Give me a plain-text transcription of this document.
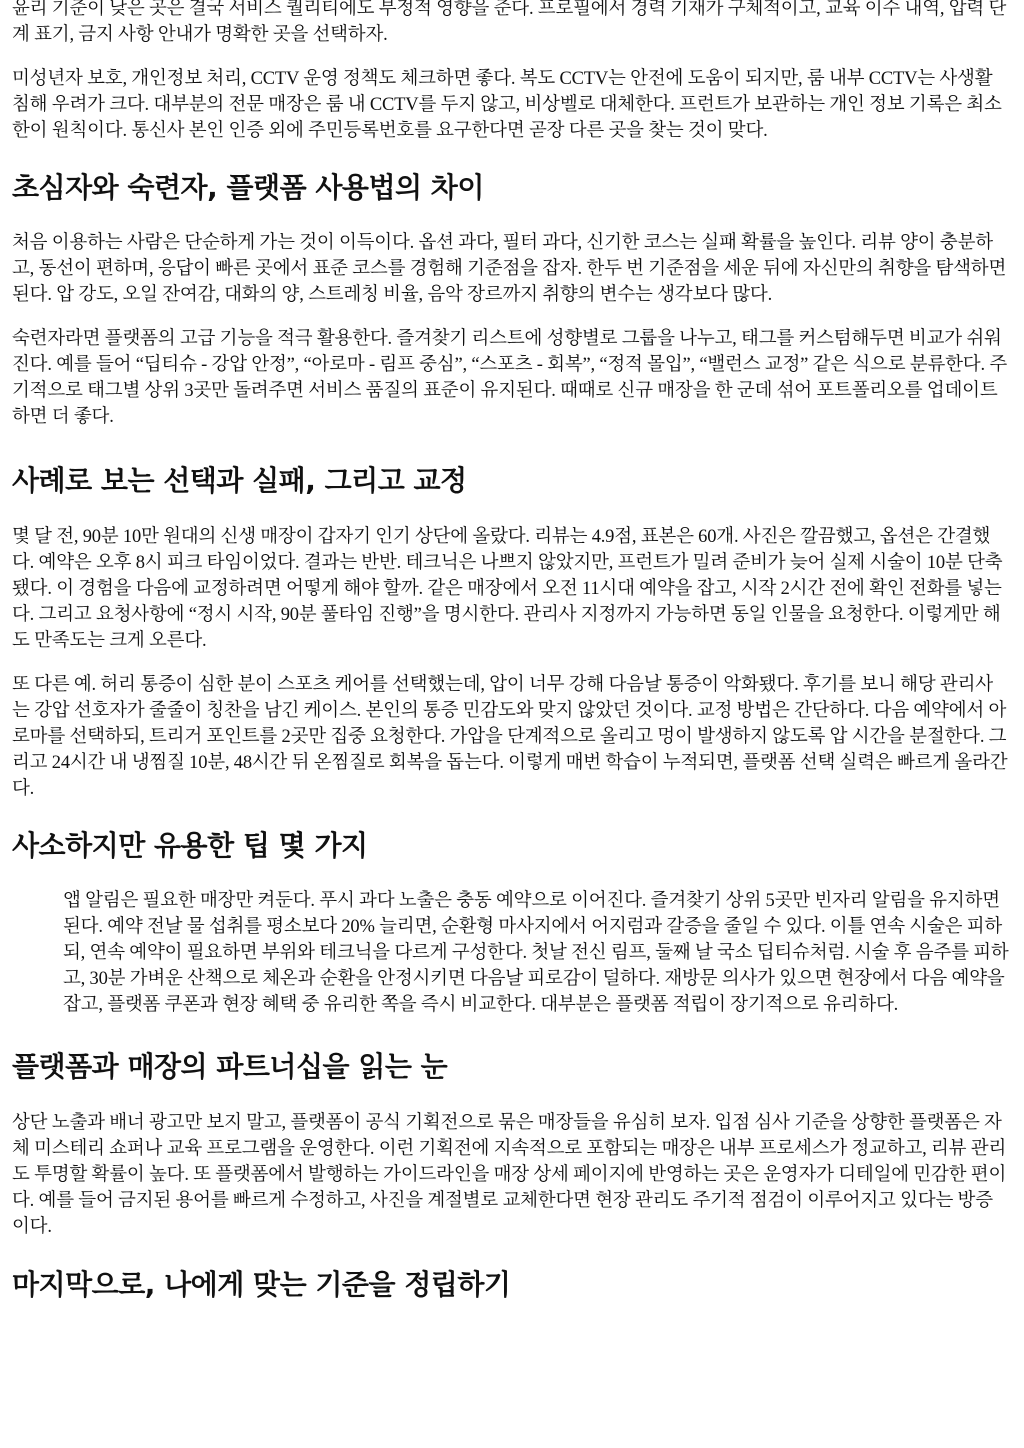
윤리 기준이 낮은 곳은 결국 서비스 퀄리티에도 부정적 영향을 준다. 프로필에서 경력 기재가 구체적이고, 교육 이수 내역, 압력 단계 표기, 금지 사항 안내가 명확한 곳을 선택하자.

미성년자 보호, 개인정보 처리, CCTV 운영 정책도 체크하면 좋다. 복도 CCTV는 안전에 도움이 되지만, 룸 내부 CCTV는 사생활 침해 우려가 크다. 대부분의 전문 매장은 룸 내 CCTV를 두지 않고, 비상벨로 대체한다. 프런트가 보관하는 개인 정보 기록은 최소한이 원칙이다. 통신사 본인 인증 외에 주민등록번호를 요구한다면 곧장 다른 곳을 찾는 것이 맞다.

초심자와 숙련자, 플랫폼 사용법의 차이

처음 이용하는 사람은 단순하게 가는 것이 이득이다. 옵션 과다, 필터 과다, 신기한 코스는 실패 확률을 높인다. 리뷰 양이 충분하고, 동선이 편하며, 응답이 빠른 곳에서 표준 코스를 경험해 기준점을 잡자. 한두 번 기준점을 세운 뒤에 자신만의 취향을 탐색하면 된다. 압 강도, 오일 잔여감, 대화의 양, 스트레칭 비율, 음악 장르까지 취향의 변수는 생각보다 많다.

숙련자라면 플랫폼의 고급 기능을 적극 활용한다. 즐겨찾기 리스트에 성향별로 그룹을 나누고, 태그를 커스텀해두면 비교가 쉬워진다. 예를 들어 “딥티슈 - 강압 안정”, “아로마 - 림프 중심”, “스포츠 - 회복”, “정적 몰입”, “밸런스 교정” 같은 식으로 분류한다. 주기적으로 태그별 상위 3곳만 돌려주면 서비스 품질의 표준이 유지된다. 때때로 신규 매장을 한 군데 섞어 포트폴리오를 업데이트하면 더 좋다.

사례로 보는 선택과 실패, 그리고 교정

몇 달 전, 90분 10만 원대의 신생 매장이 갑자기 인기 상단에 올랐다. 리뷰는 4.9점, 표본은 60개. 사진은 깔끔했고, 옵션은 간결했다. 예약은 오후 8시 피크 타임이었다. 결과는 반반. 테크닉은 나쁘지 않았지만, 프런트가 밀려 준비가 늦어 실제 시술이 10분 단축됐다. 이 경험을 다음에 교정하려면 어떻게 해야 할까. 같은 매장에서 오전 11시대 예약을 잡고, 시작 2시간 전에 확인 전화를 넣는다. 그리고 요청사항에 “정시 시작, 90분 풀타임 진행”을 명시한다. 관리사 지정까지 가능하면 동일 인물을 요청한다. 이렇게만 해도 만족도는 크게 오른다.

또 다른 예. 허리 통증이 심한 분이 스포츠 케어를 선택했는데, 압이 너무 강해 다음날 통증이 악화됐다. 후기를 보니 해당 관리사는 강압 선호자가 줄줄이 칭찬을 남긴 케이스. 본인의 통증 민감도와 맞지 않았던 것이다. 교정 방법은 간단하다. 다음 예약에서 아로마를 선택하되, 트리거 포인트를 2곳만 집중 요청한다. 가압을 단계적으로 올리고 멍이 발생하지 않도록 압 시간을 분절한다. 그리고 24시간 내 냉찜질 10분, 48시간 뒤 온찜질로 회복을 돕는다. 이렇게 매번 학습이 누적되면, 플랫폼 선택 실력은 빠르게 올라간다.

사소하지만 유용한 팁 몇 가지

앱 알림은 필요한 매장만 켜둔다. 푸시 과다 노출은 충동 예약으로 이어진다. 즐겨찾기 상위 5곳만 빈자리 알림을 유지하면 된다. 예약 전날 물 섭취를 평소보다 20% 늘리면, 순환형 마사지에서 어지럼과 갈증을 줄일 수 있다. 이틀 연속 시술은 피하되, 연속 예약이 필요하면 부위와 테크닉을 다르게 구성한다. 첫날 전신 림프, 둘째 날 국소 딥티슈처럼. 시술 후 음주를 피하고, 30분 가벼운 산책으로 체온과 순환을 안정시키면 다음날 피로감이 덜하다. 재방문 의사가 있으면 현장에서 다음 예약을 잡고, 플랫폼 쿠폰과 현장 혜택 중 유리한 쪽을 즉시 비교한다. 대부분은 플랫폼 적립이 장기적으로 유리하다.

플랫폼과 매장의 파트너십을 읽는 눈

상단 노출과 배너 광고만 보지 말고, 플랫폼이 공식 기획전으로 묶은 매장들을 유심히 보자. 입점 심사 기준을 상향한 플랫폼은 자체 미스테리 쇼퍼나 교육 프로그램을 운영한다. 이런 기획전에 지속적으로 포함되는 매장은 내부 프로세스가 정교하고, 리뷰 관리도 투명할 확률이 높다. 또 플랫폼에서 발행하는 가이드라인을 매장 상세 페이지에 반영하는 곳은 운영자가 디테일에 민감한 편이다. 예를 들어 금지된 용어를 빠르게 수정하고, 사진을 계절별로 교체한다면 현장 관리도 주기적 점검이 이루어지고 있다는 방증이다.

마지막으로, 나에게 맞는 기준을 정립하기
